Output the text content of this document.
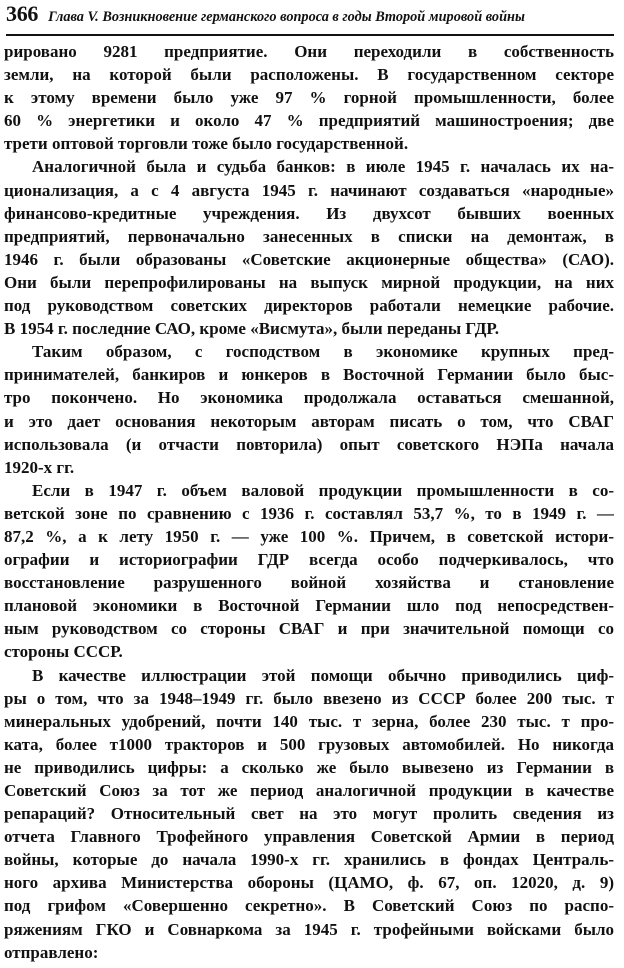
366 Глава V. Возникновение германского вопроса в годы Второй мировой войны
рировано 9281 предприятие. Они переходили в собственность
земли, на которой были расположены. В государственном секторе
к этому времени было уже 97 % горной промышленности, более
60 % энергетики и около 47 % предприятий машиностроения; две
трети оптовой торговли тоже было государственной.
Аналогичной была и судьба банков: в июле 1945 г. началась их на-
ционализация, а с 4 августа 1945 г. начинают создаваться «народные»
финансово-кредитные учреждения. Из двухсот бывших военных
предприятий, первоначально занесенных в списки на демонтаж, в
1946 г. были образованы «Советские акционерные общества» (САО).
Они были перепрофилированы на выпуск мирной продукции, на них
под руководством советских директоров работали немецкие рабочие.
В 1954 г. последние САО, кроме «Висмута», были переданы ГДР.
Таким образом, с господством в экономике крупных пред-
принимателей, банкиров и юнкеров в Восточной Германии было быс-
тро покончено. Но экономика продолжала оставаться смешанной,
и это дает основания некоторым авторам писать о том, что СВАГ
использовала (и отчасти повторила) опыт советского НЭПа начала
1920-х гг.
Если в 1947 г. объем валовой продукции промышленности в со-
ветской зоне по сравнению с 1936 г. составлял 53,7 %, то в 1949 г. —
87,2 %, а к лету 1950 г. — уже 100 %. Причем, в советской истори-
ографии и историографии ГДР всегда особо подчеркивалось, что
восстановление разрушенного войной хозяйства и становление
плановой экономики в Восточной Германии шло под непосредствен-
ным руководством со стороны СВАГ и при значительной помощи со
стороны СССР.
В качестве иллюстрации этой помощи обычно приводились циф-
ры о том, что за 1948–1949 гг. было ввезено из СССР более 200 тыс. т
минеральных удобрений, почти 140 тыс. т зерна, более 230 тыс. т про-
ката, более т1000 тракторов и 500 грузовых автомобилей. Но никогда
не приводились цифры: а сколько же было вывезено из Германии в
Советский Союз за тот же период аналогичной продукции в качестве
репараций? Относительный свет на это могут пролить сведения из
отчета Главного Трофейного управления Советской Армии в период
войны, которые до начала 1990-х гг. хранились в фондах Централь-
ного архива Министерства обороны (ЦАМО, ф. 67, оп. 12020, д. 9)
под грифом «Совершенно секретно». В Советский Союз по распо-
ряжениям ГКО и Совнаркома за 1945 г. трофейными войсками было
отправлено:
